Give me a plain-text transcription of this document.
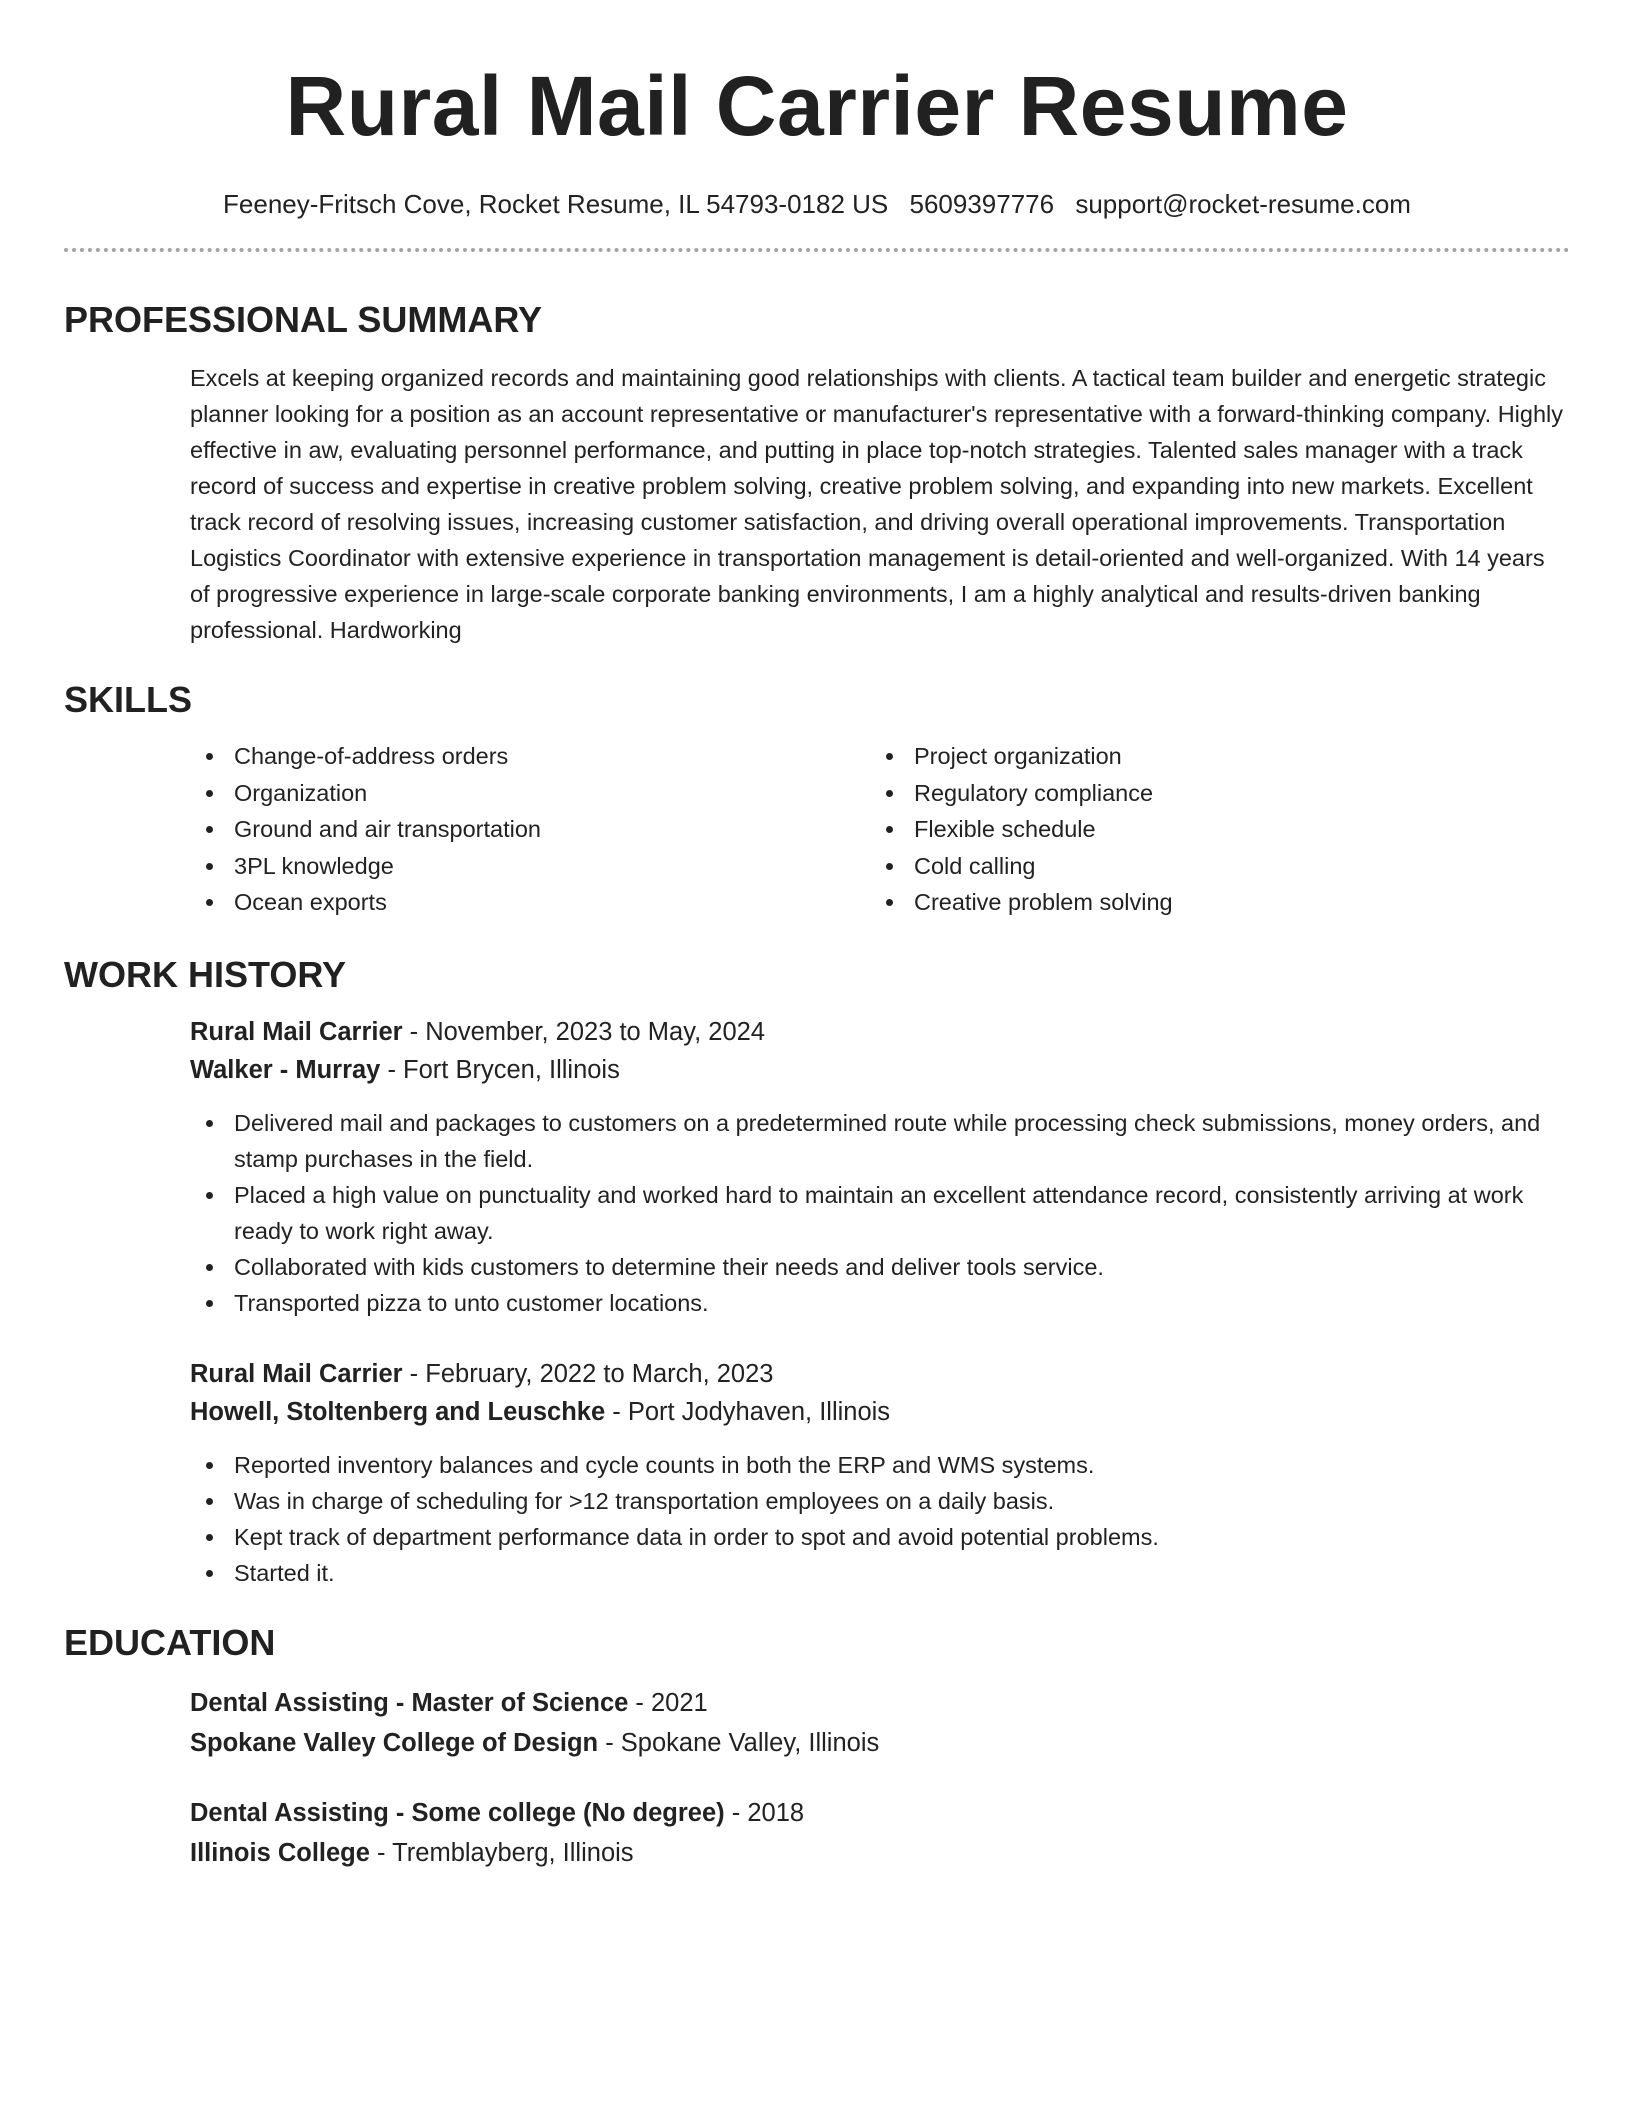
Rural Mail Carrier Resume
Feeney-Fritsch Cove, Rocket Resume, IL 54793-0182 US 5609397776 support@rocket-resume.com
PROFESSIONAL SUMMARY

Excels at keeping organized records and maintaining good relationships with clients. A tactical team builder and energetic strategic planner looking for a position as an account representative or manufacturer's representative with a forward-thinking company. Highly effective in aw, evaluating personnel performance, and putting in place top-notch strategies. Talented sales manager with a track record of success and expertise in creative problem solving, creative problem solving, and expanding into new markets. Excellent track record of resolving issues, increasing customer satisfaction, and driving overall operational improvements. Transportation Logistics Coordinator with extensive experience in transportation management is detail-oriented and well-organized. With 14 years of progressive experience in large-scale corporate banking environments, I am a highly analytical and results-driven banking professional. Hardworking

SKILLS
Change-of-address orders
Organization
Ground and air transportation
3PL knowledge
Ocean exports
Project organization
Regulatory compliance
Flexible schedule
Cold calling
Creative problem solving
WORK HISTORY
Rural Mail Carrier - November, 2023 to May, 2024
Walker - Murray - Fort Brycen, Illinois
Delivered mail and packages to customers on a predetermined route while processing check submissions, money orders, and stamp purchases in the field.
Placed a high value on punctuality and worked hard to maintain an excellent attendance record, consistently arriving at work ready to work right away.
Collaborated with kids customers to determine their needs and deliver tools service.
Transported pizza to unto customer locations.
Rural Mail Carrier - February, 2022 to March, 2023
Howell, Stoltenberg and Leuschke - Port Jodyhaven, Illinois
Reported inventory balances and cycle counts in both the ERP and WMS systems.
Was in charge of scheduling for >12 transportation employees on a daily basis.
Kept track of department performance data in order to spot and avoid potential problems.
Started it.
EDUCATION
Dental Assisting - Master of Science - 2021
Spokane Valley College of Design - Spokane Valley, Illinois
Dental Assisting - Some college (No degree) - 2018
Illinois College - Tremblayberg, Illinois
